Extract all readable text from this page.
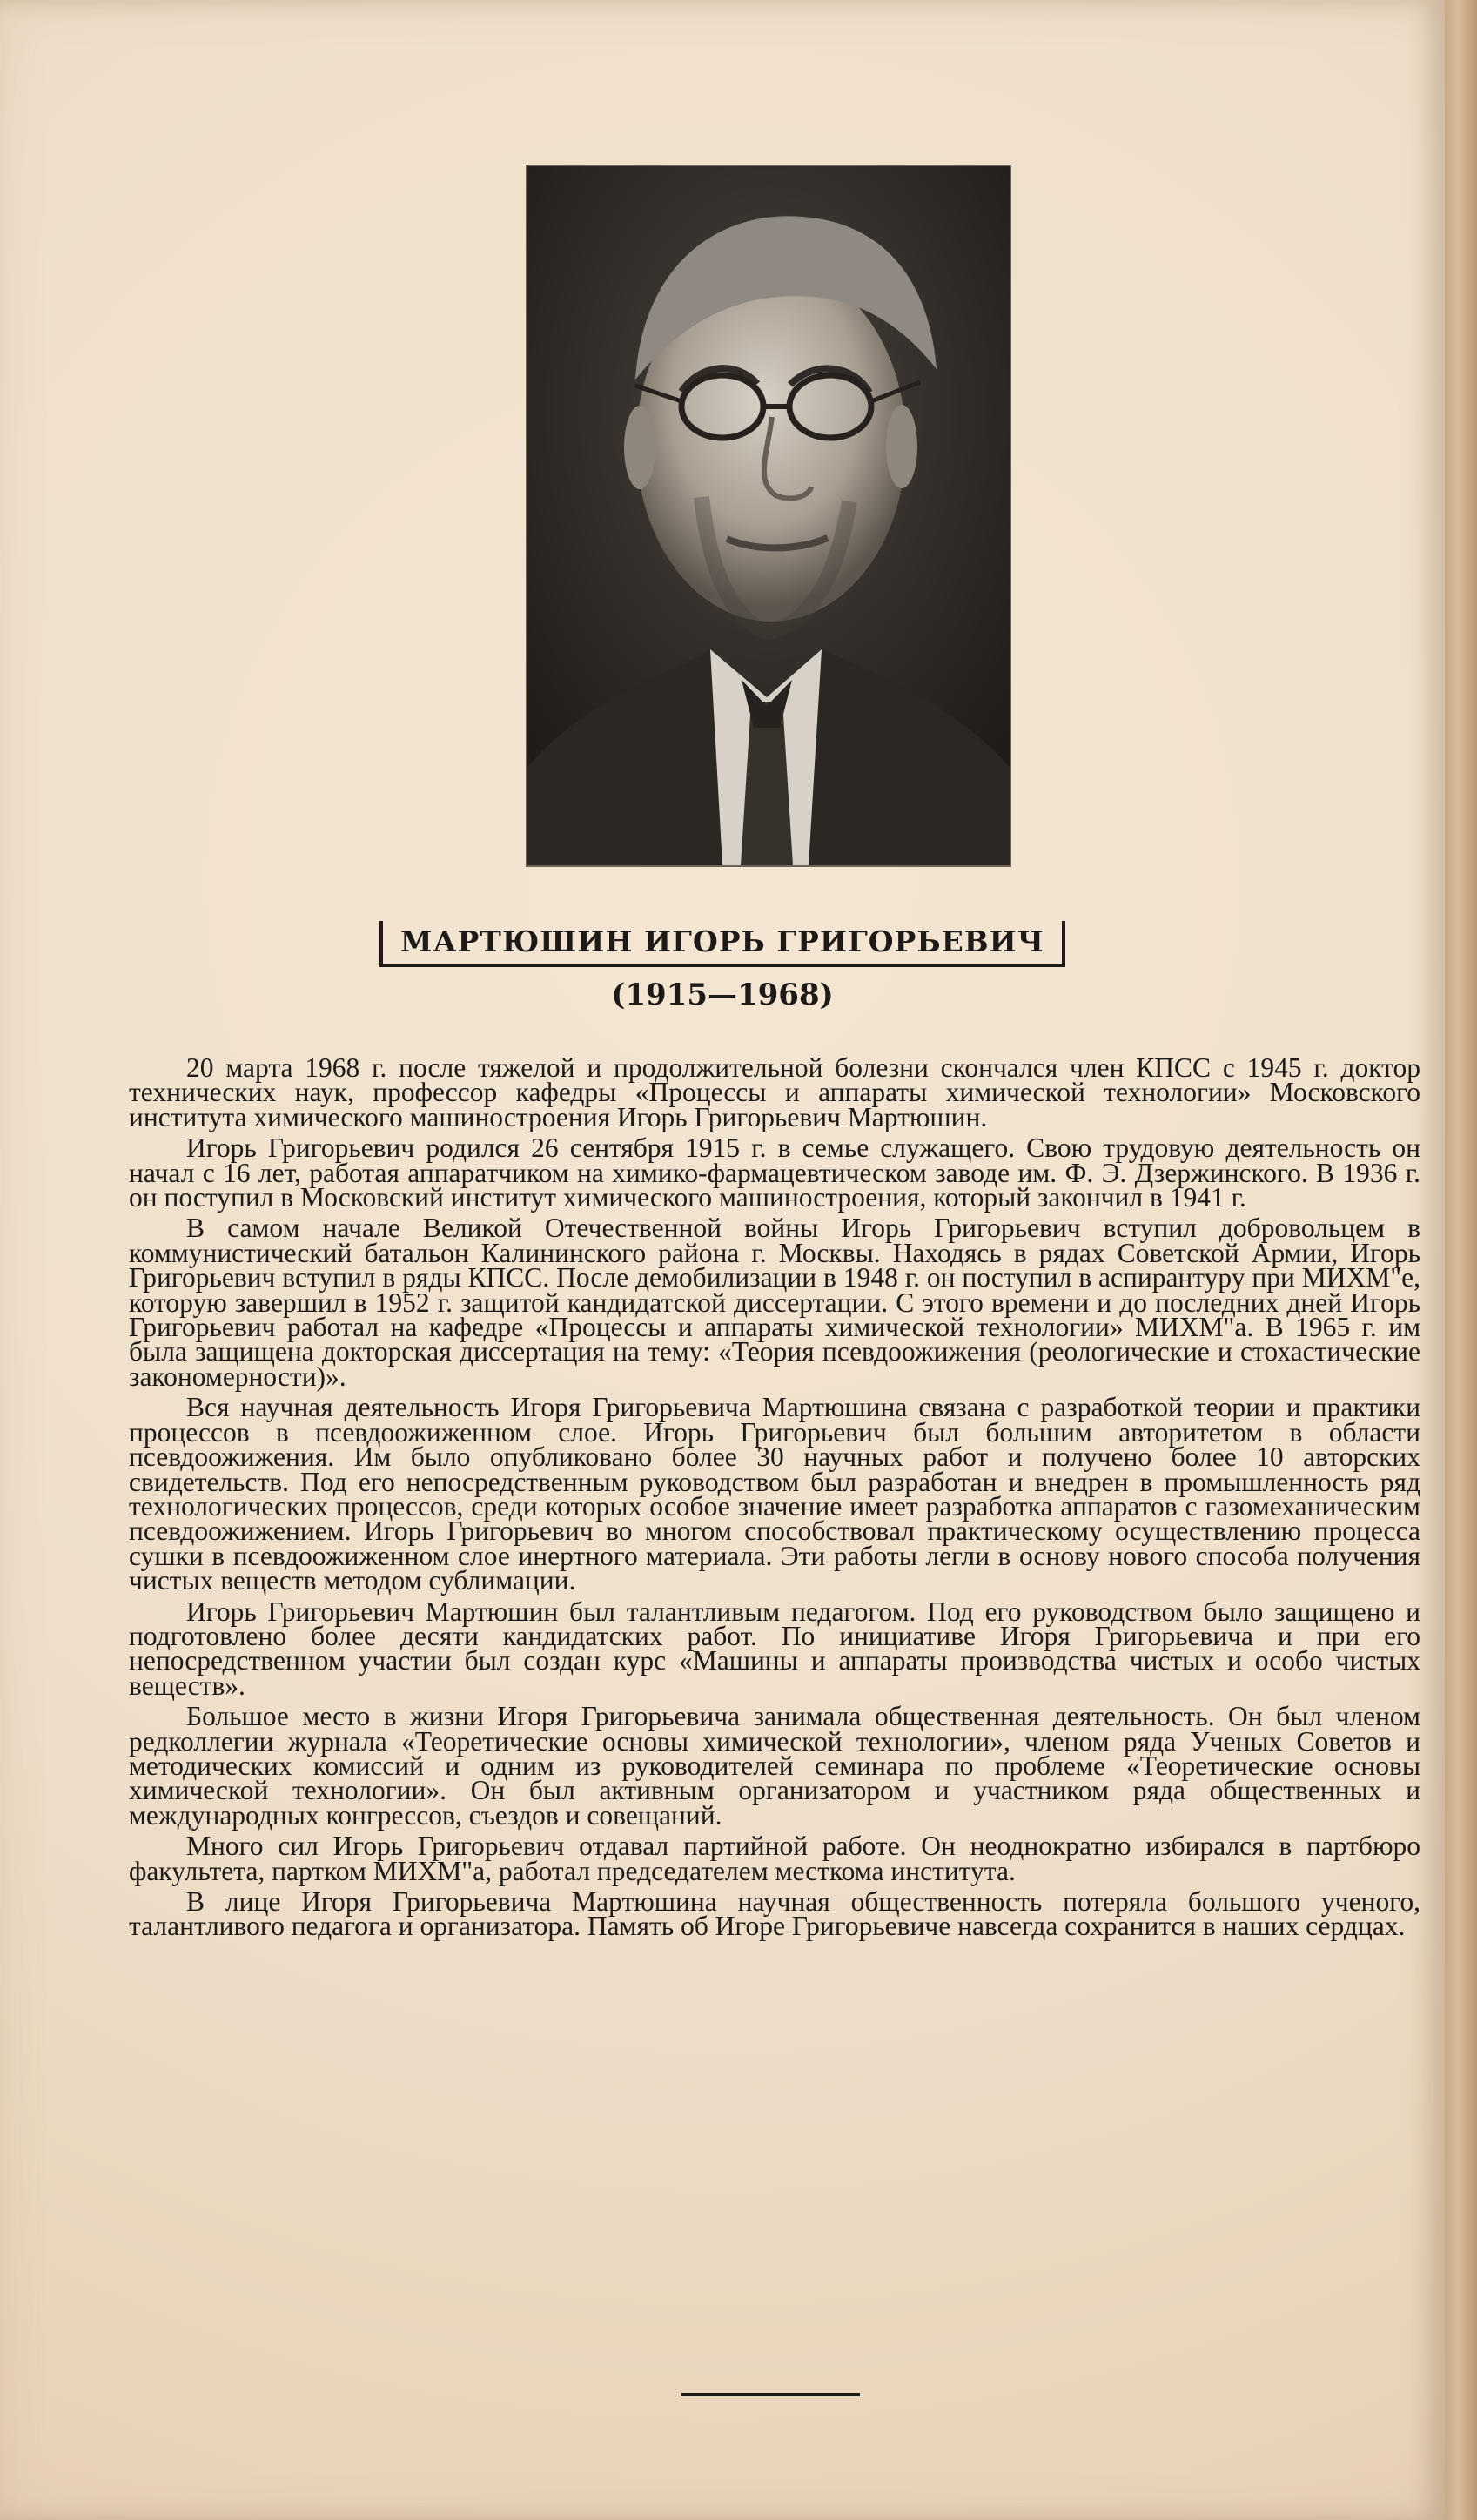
МАРТЮШИН ИГОРЬ ГРИГОРЬЕВИЧ
(1915—1968)

20 марта 1968 г. после тяжелой и продолжительной болезни скончался член КПСС с 1945 г. доктор технических наук, профессор кафедры «Процессы и аппараты химической технологии» Московского института химического машиностроения Игорь Григорьевич Мартюшин.

Игорь Григорьевич родился 26 сентября 1915 г. в семье служащего. Свою трудовую деятельность он начал с 16 лет, работая аппаратчиком на химико-фармацевтическом заводе им. Ф. Э. Дзержинского. В 1936 г. он поступил в Московский институт химического машиностроения, который закончил в 1941 г.

В самом начале Великой Отечественной войны Игорь Григорьевич вступил добровольцем в коммунистический батальон Калининского района г. Москвы. Находясь в рядах Советской Армии, Игорь Григорьевич вступил в ряды КПСС. После демобилизации в 1948 г. он поступил в аспирантуру при МИХМ"е, которую завершил в 1952 г. защитой кандидатской диссертации. С этого времени и до последних дней Игорь Григорьевич работал на кафедре «Процессы и аппараты химической технологии» МИХМ"а. В 1965 г. им была защищена докторская диссертация на тему: «Теория псевдоожижения (реологические и стохастические закономерности)».

Вся научная деятельность Игоря Григорьевича Мартюшина связана с разработкой теории и практики процессов в псевдоожиженном слое. Игорь Григорьевич был большим авторитетом в области псевдоожижения. Им было опубликовано более 30 научных работ и получено более 10 авторских свидетельств. Под его непосредственным руководством был разработан и внедрен в промышленность ряд технологических процессов, среди которых особое значение имеет разработка аппаратов с газомеханическим псевдоожижением. Игорь Григорьевич во многом способствовал практическому осуществлению процесса сушки в псевдоожиженном слое инертного материала. Эти работы легли в основу нового способа получения чистых веществ методом сублимации.

Игорь Григорьевич Мартюшин был талантливым педагогом. Под его руководством было защищено и подготовлено более десяти кандидатских работ. По инициативе Игоря Григорьевича и при его непосредственном участии был создан курс «Машины и аппараты производства чистых и особо чистых веществ».

Большое место в жизни Игоря Григорьевича занимала общественная деятельность. Он был членом редколлегии журнала «Теоретические основы химической технологии», членом ряда Ученых Советов и методических комиссий и одним из руководителей семинара по проблеме «Теоретические основы химической технологии». Он был активным организатором и участником ряда общественных и международных конгрессов, съездов и совещаний.

Много сил Игорь Григорьевич отдавал партийной работе. Он неоднократно избирался в партбюро факультета, партком МИХМ"а, работал председателем месткома института.

В лице Игоря Григорьевича Мартюшина научная общественность потеряла большого ученого, талантливого педагога и организатора. Память об Игоре Григорьевиче навсегда сохранится в наших сердцах.
